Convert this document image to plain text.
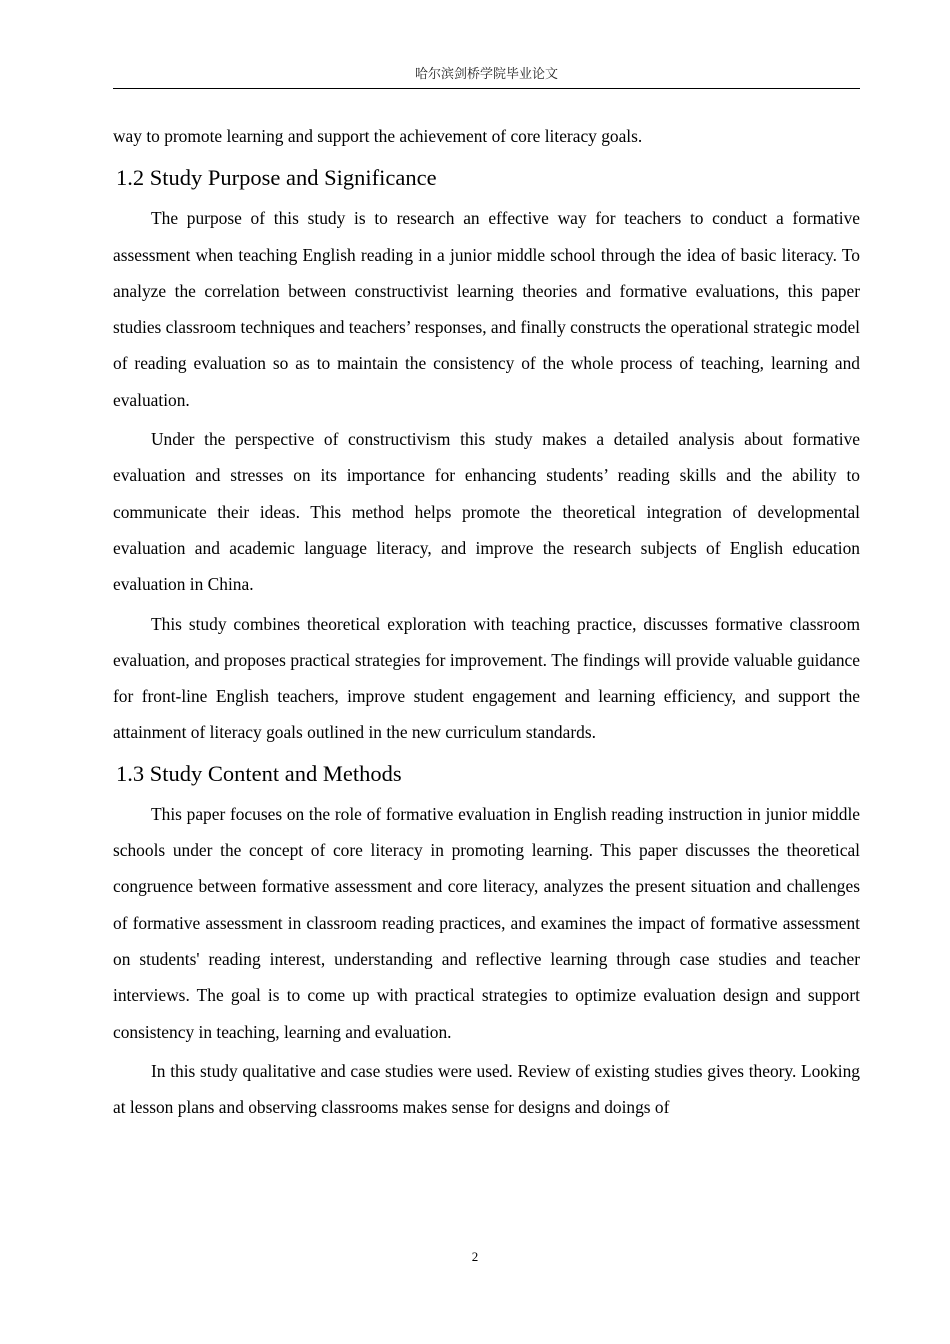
哈尔滨剑桥学院毕业论文

way to promote learning and support the achievement of core literacy goals.

1.2 Study Purpose and Significance

The purpose of this study is to research an effective way for teachers to conduct a formative assessment when teaching English reading in a junior middle school through the idea of basic literacy. To analyze the correlation between constructivist learning theories and formative evaluations, this paper studies classroom techniques and teachers’ responses, and finally constructs the operational strategic model of reading evaluation so as to maintain the consistency of the whole process of teaching, learning and evaluation.

Under the perspective of constructivism this study makes a detailed analysis about formative evaluation and stresses on its importance for enhancing students’ reading skills and the ability to communicate their ideas. This method helps promote the theoretical integration of developmental evaluation and academic language literacy, and improve the research subjects of English education evaluation in China.

This study combines theoretical exploration with teaching practice, discusses formative classroom evaluation, and proposes practical strategies for improvement. The findings will provide valuable guidance for front-line English teachers, improve student engagement and learning efficiency, and support the attainment of literacy goals outlined in the new curriculum standards.

1.3 Study Content and Methods

This paper focuses on the role of formative evaluation in English reading instruction in junior middle schools under the concept of core literacy in promoting learning. This paper discusses the theoretical congruence between formative assessment and core literacy, analyzes the present situation and challenges of formative assessment in classroom reading practices, and examines the impact of formative assessment on students' reading interest, understanding and reflective learning through case studies and teacher interviews. The goal is to come up with practical strategies to optimize evaluation design and support consistency in teaching, learning and evaluation.

In this study qualitative and case studies were used. Review of existing studies gives theory. Looking at lesson plans and observing classrooms makes sense for designs and doings of

2
